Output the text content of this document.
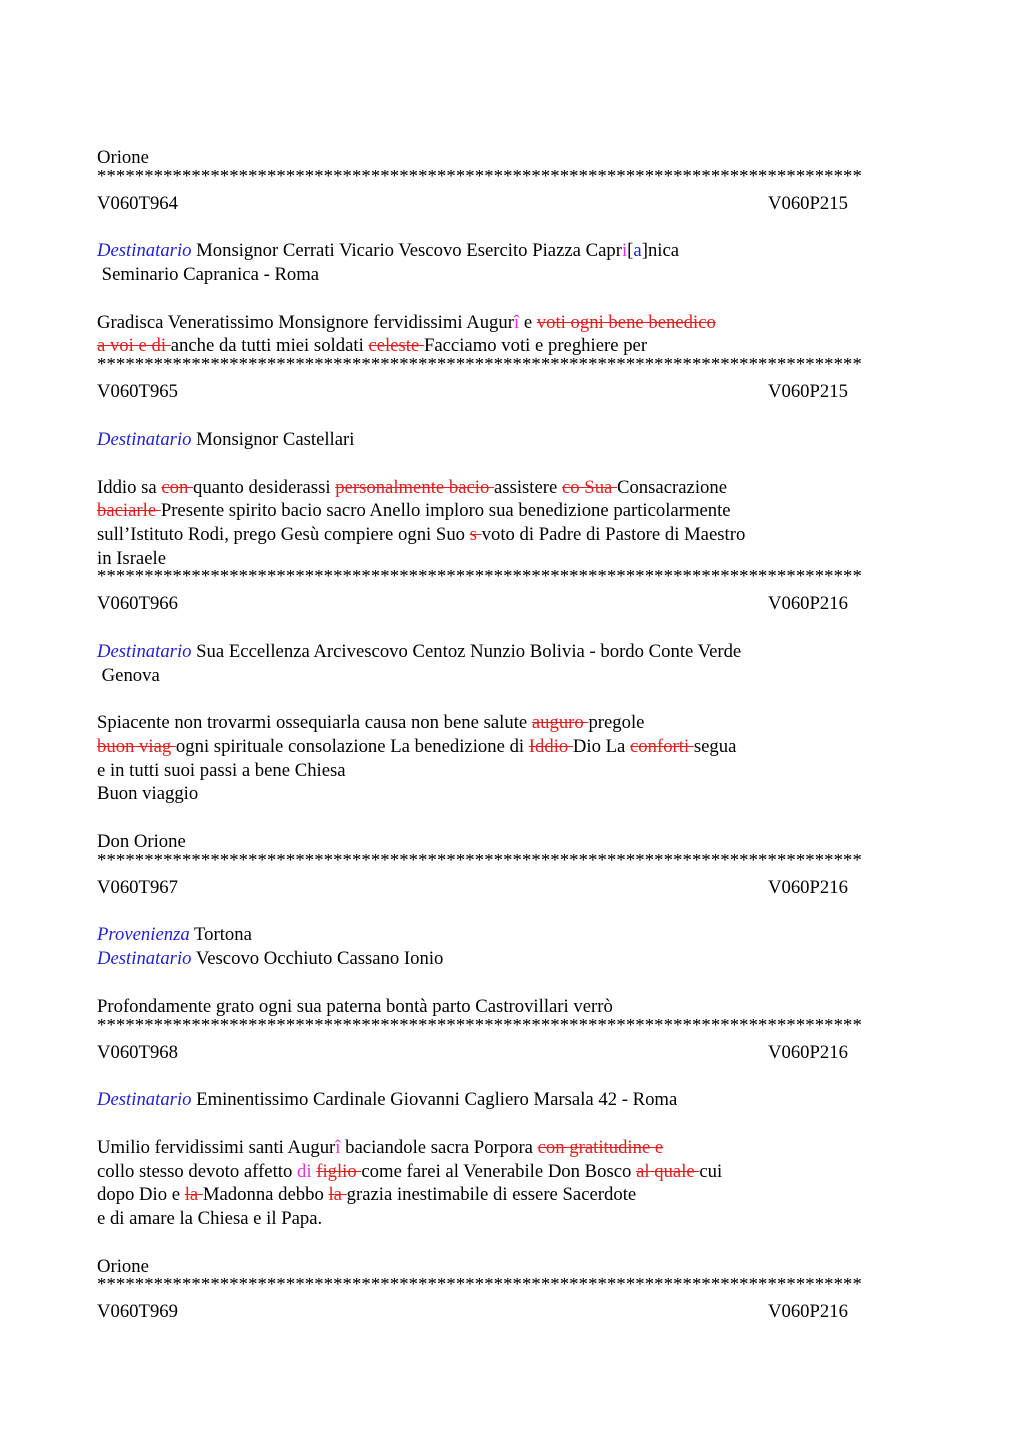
Orione
*********************************************************************************
V060T964	V060P215
Destinatario Monsignor Cerrati Vicario Vescovo Esercito Piazza Capri[a]nica
Seminario Capranica - Roma
Gradisca Veneratissimo Monsignore fervidissimi Augurî e voti ogni bene benedico
a voi e di anche da tutti miei soldati celeste Facciamo voti e preghiere per
*********************************************************************************
V060T965	V060P215
Destinatario Monsignor Castellari
Iddio sa con quanto desiderassi personalmente bacio assistere co Sua Consacrazione
baciarle Presente spirito bacio sacro Anello imploro sua benedizione particolarmente
sull’Istituto Rodi, prego Gesù compiere ogni Suo s voto di Padre di Pastore di Maestro
in Israele
*********************************************************************************
V060T966	V060P216
Destinatario Sua Eccellenza Arcivescovo Centoz Nunzio Bolivia - bordo Conte Verde
Genova
Spiacente non trovarmi ossequiarla causa non bene salute auguro pregole
buon viag ogni spirituale consolazione La benedizione di Iddio Dio La conforti segua
e in tutti suoi passi a bene Chiesa
Buon viaggio
Don Orione
*********************************************************************************
V060T967	V060P216
Provenienza Tortona
Destinatario Vescovo Occhiuto Cassano Ionio
Profondamente grato ogni sua paterna bontà parto Castrovillari verrò
*********************************************************************************
V060T968	V060P216
Destinatario Eminentissimo Cardinale Giovanni Cagliero Marsala 42 - Roma
Umilio fervidissimi santi Augurî baciandole sacra Porpora con gratitudine e
collo stesso devoto affetto di figlio come farei al Venerabile Don Bosco al quale cui
dopo Dio e la Madonna debbo la grazia inestimabile di essere Sacerdote
e di amare la Chiesa e il Papa.
Orione
*********************************************************************************
V060T969	V060P216
